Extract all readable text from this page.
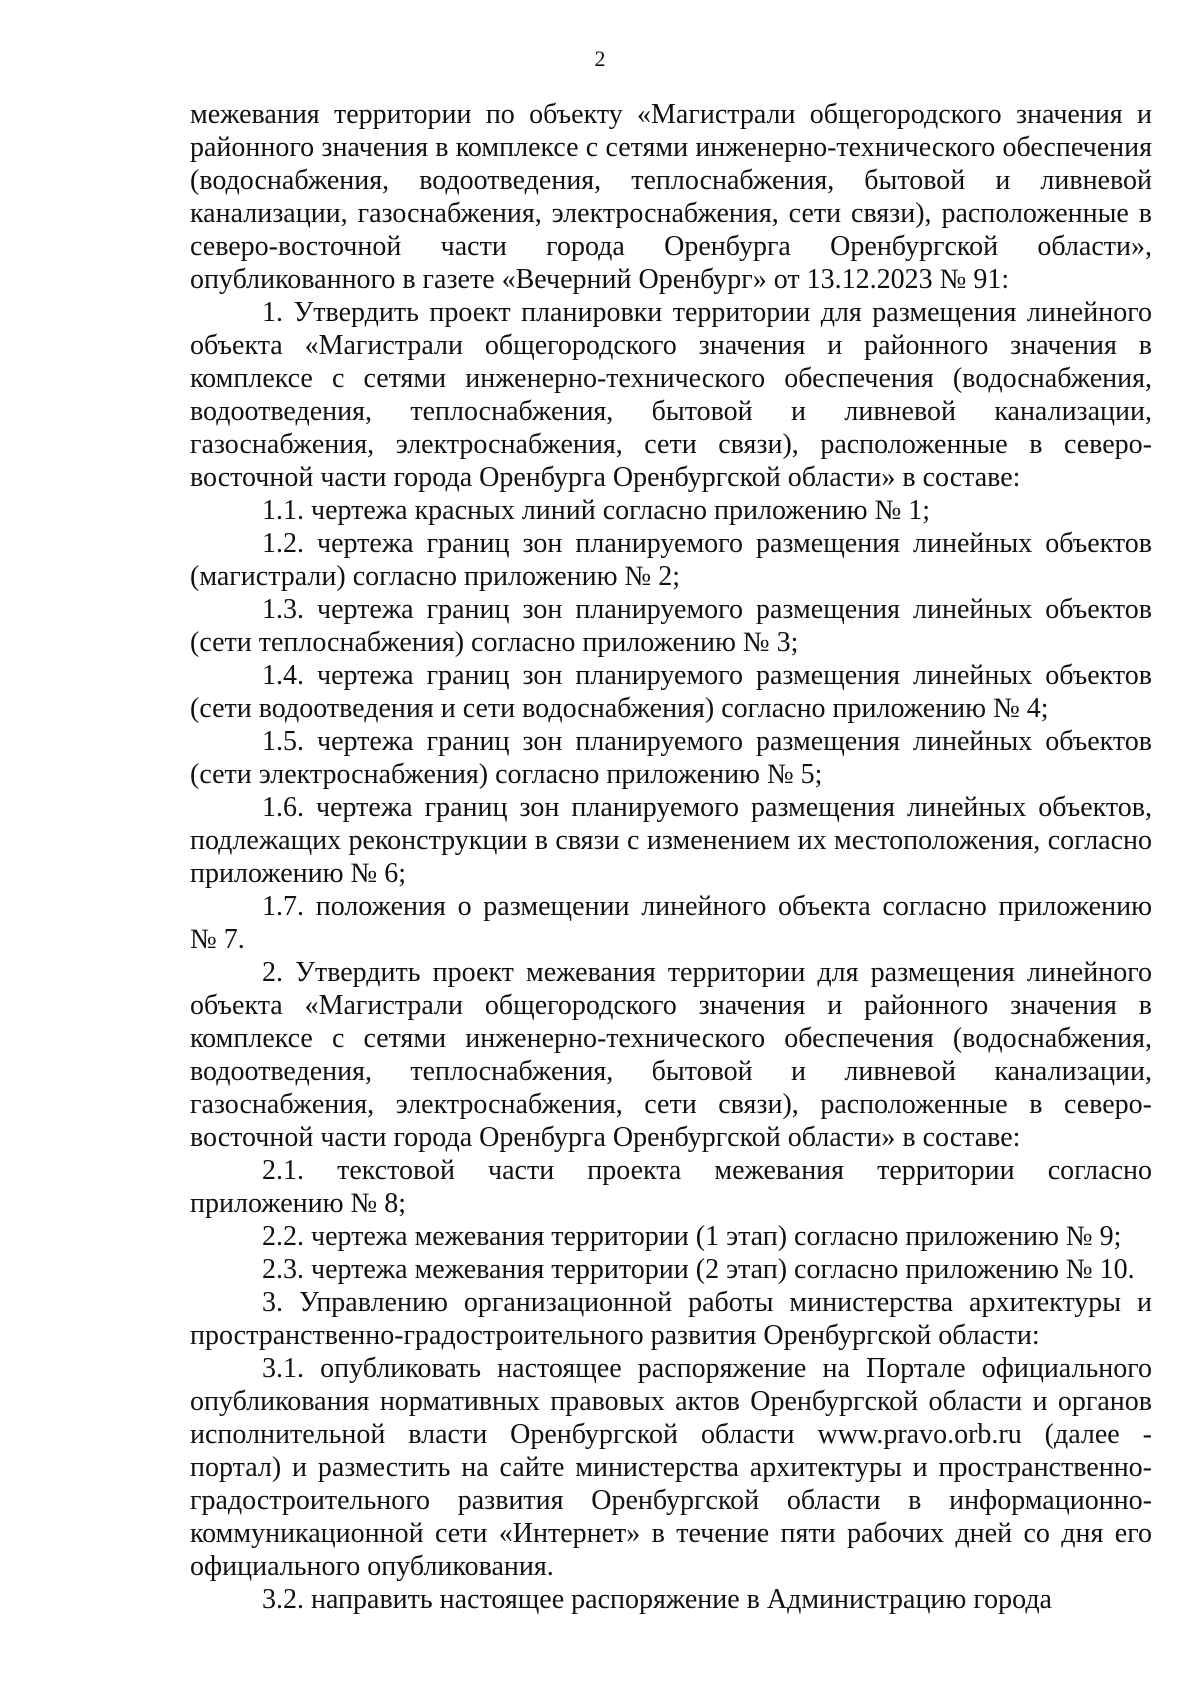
2

межевания территории по объекту «Магистрали общегородского значения и районного значения в комплексе с сетями инженерно-технического обеспечения (водоснабжения, водоотведения, теплоснабжения, бытовой и ливневой канализации, газоснабжения, электроснабжения, сети связи), расположенные в северо-восточной части города Оренбурга Оренбургской области», опубликованного в газете «Вечерний Оренбург» от 13.12.2023 № 91:

1. Утвердить проект планировки территории для размещения линейного объекта «Магистрали общегородского значения и районного значения в комплексе с сетями инженерно-технического обеспечения (водоснабжения, водоотведения, теплоснабжения, бытовой и ливневой канализации, газоснабжения, электроснабжения, сети связи), расположенные в северо-восточной части города Оренбурга Оренбургской области» в составе:

1.1. чертежа красных линий согласно приложению № 1;

1.2. чертежа границ зон планируемого размещения линейных объектов (магистрали) согласно приложению № 2;

1.3. чертежа границ зон планируемого размещения линейных объектов (сети теплоснабжения) согласно приложению № 3;

1.4. чертежа границ зон планируемого размещения линейных объектов (сети водоотведения и сети водоснабжения) согласно приложению № 4;

1.5. чертежа границ зон планируемого размещения линейных объектов (сети электроснабжения) согласно приложению № 5;

1.6. чертежа границ зон планируемого размещения линейных объектов, подлежащих реконструкции в связи с изменением их местоположения, согласно приложению № 6;

1.7. положения о размещении линейного объекта согласно приложению № 7.

2. Утвердить проект межевания территории для размещения линейного объекта «Магистрали общегородского значения и районного значения в комплексе с сетями инженерно-технического обеспечения (водоснабжения, водоотведения, теплоснабжения, бытовой и ливневой канализации, газоснабжения, электроснабжения, сети связи), расположенные в северо-восточной части города Оренбурга Оренбургской области» в составе:

2.1. текстовой части проекта межевания территории согласно приложению № 8;

2.2. чертежа межевания территории (1 этап) согласно приложению № 9;

2.3. чертежа межевания территории (2 этап) согласно приложению № 10.

3. Управлению организационной работы министерства архитектуры и пространственно-градостроительного развития Оренбургской области:

3.1. опубликовать настоящее распоряжение на Портале официального опубликования нормативных правовых актов Оренбургской области и органов исполнительной власти Оренбургской области www.pravo.orb.ru (далее - портал) и разместить на сайте министерства архитектуры и пространственно-градостроительного развития Оренбургской области в информационно-коммуникационной сети «Интернет» в течение пяти рабочих дней со дня его официального опубликования.

3.2. направить настоящее распоряжение в Администрацию города
